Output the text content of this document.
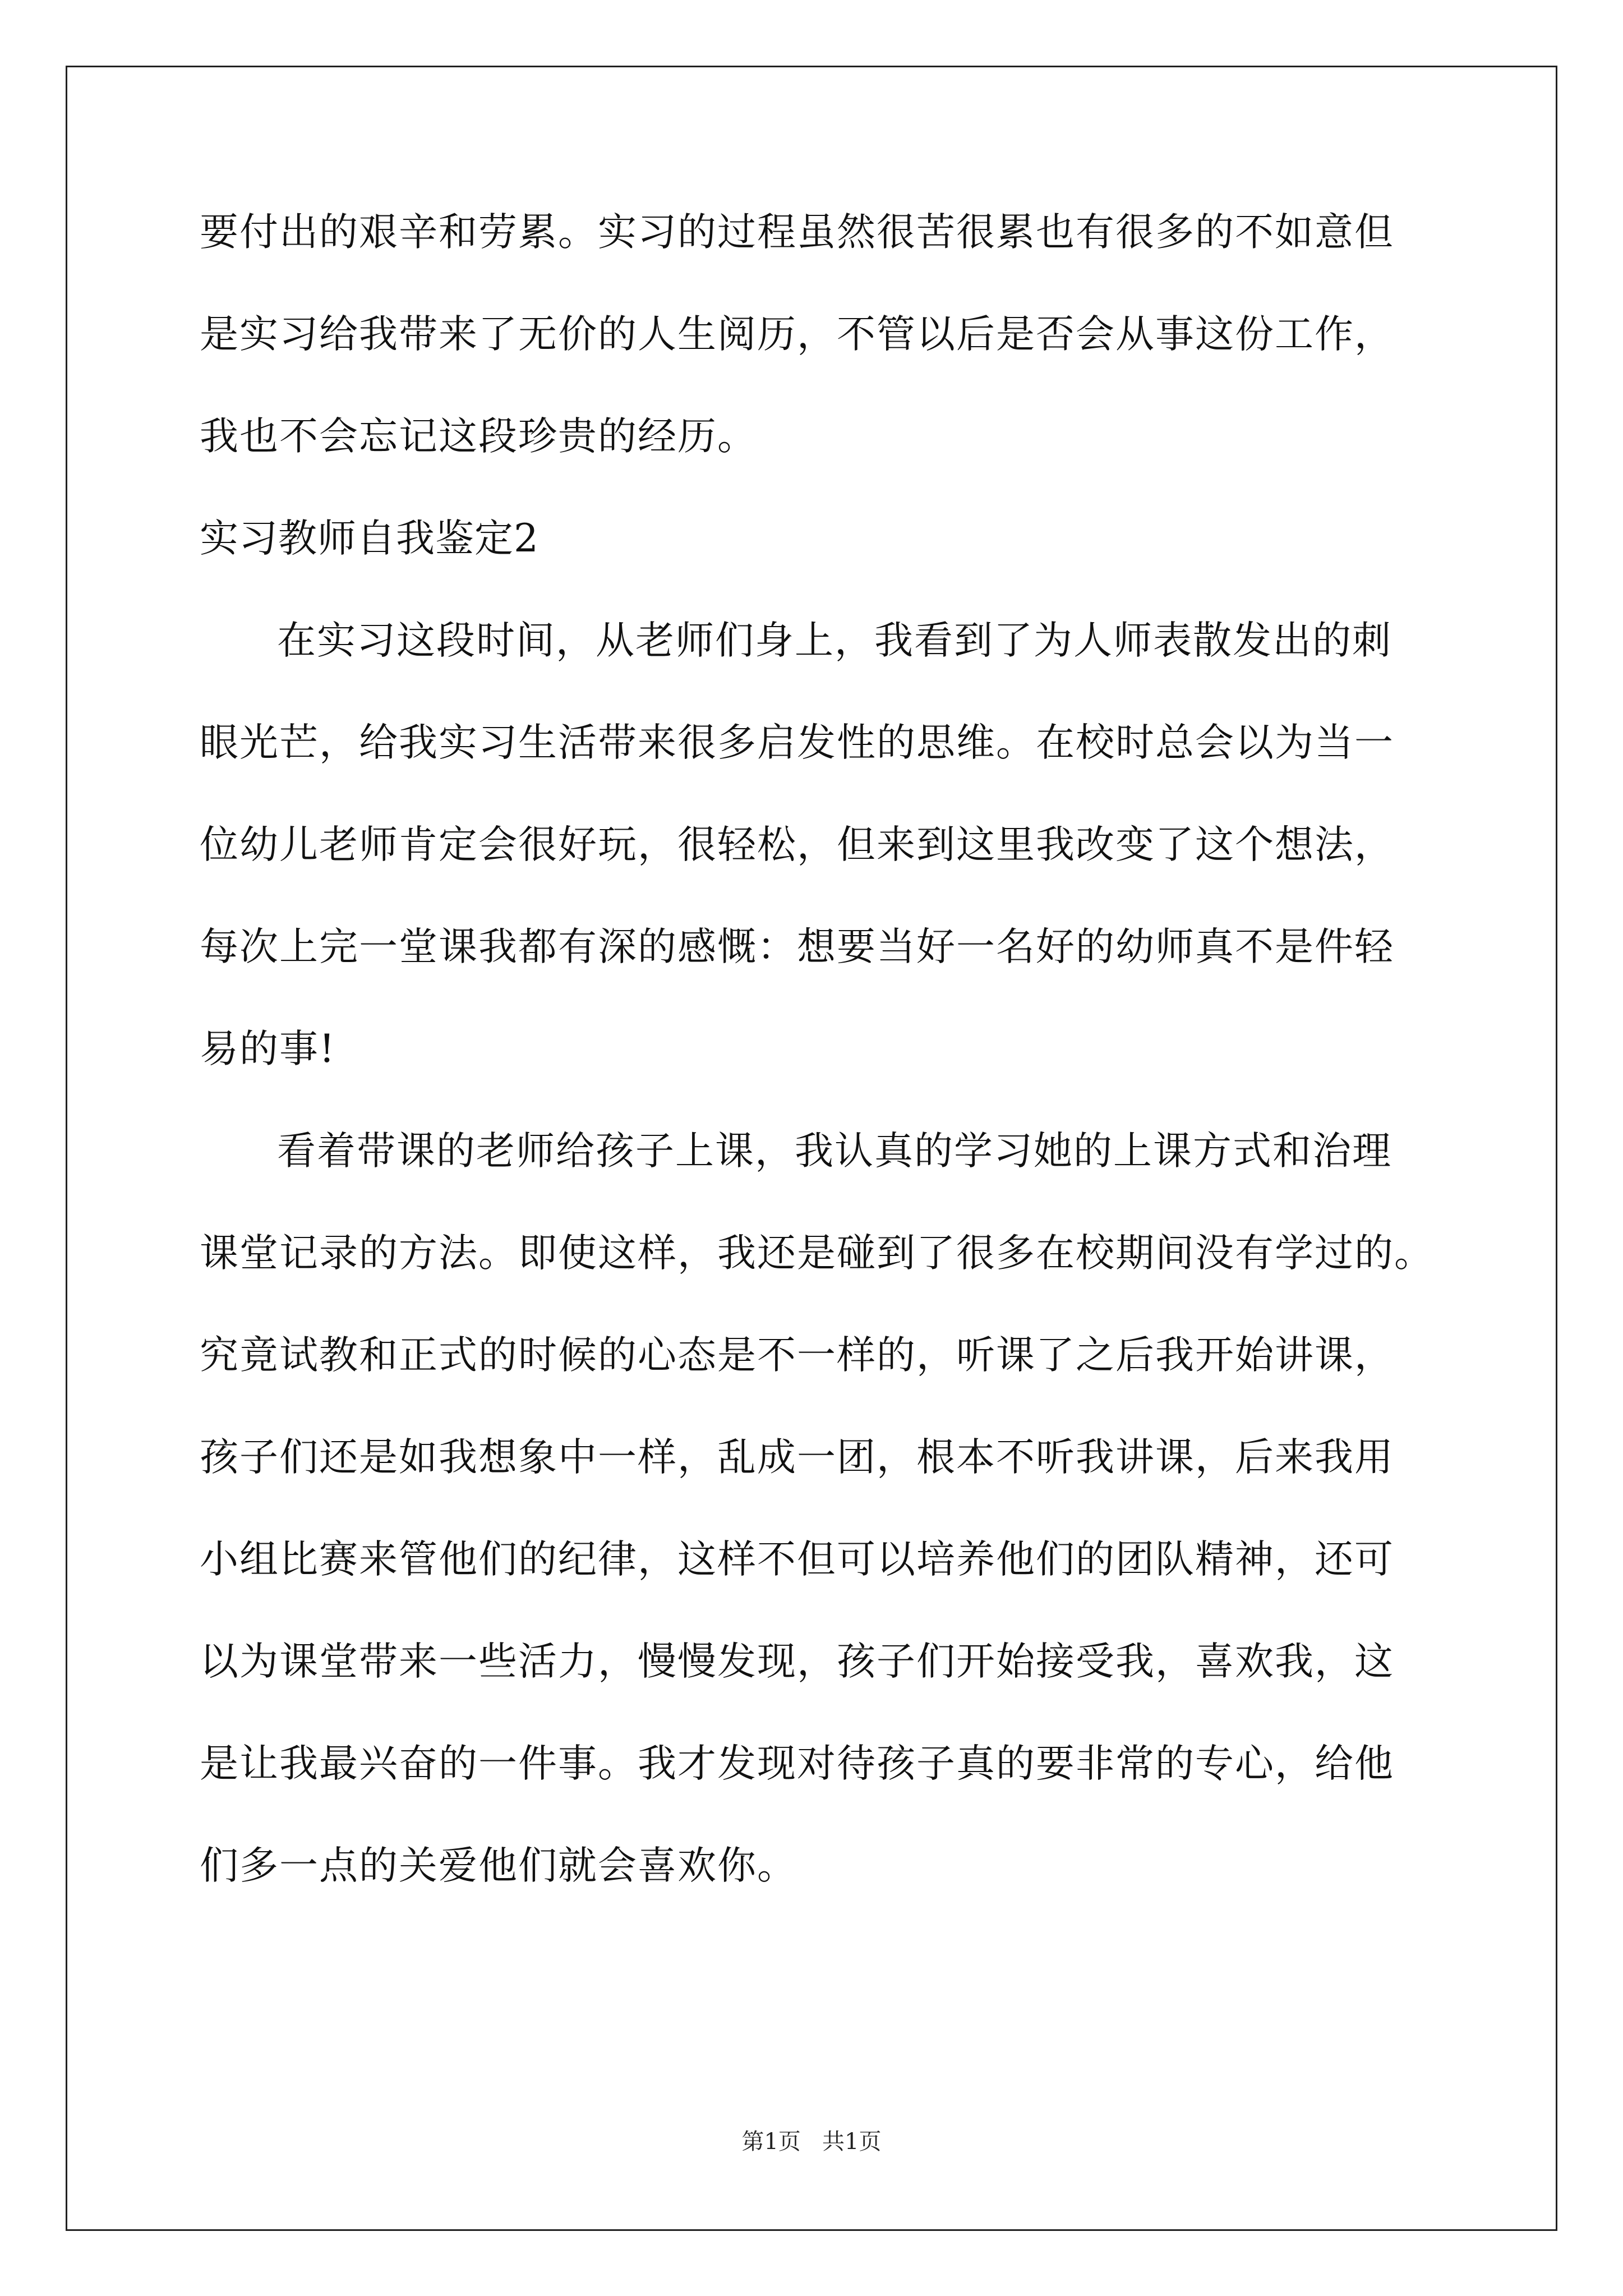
要付出的艰辛和劳累。实习的过程虽然很苦很累也有很多的不如意但
是实习给我带来了无价的人生阅历，不管以后是否会从事这份工作，
我也不会忘记这段珍贵的经历。
实习教师自我鉴定2
在实习这段时间，从老师们身上，我看到了为人师表散发出的刺
眼光芒，给我实习生活带来很多启发性的思维。在校时总会以为当一
位幼儿老师肯定会很好玩，很轻松，但来到这里我改变了这个想法，
每次上完一堂课我都有深的感慨：想要当好一名好的幼师真不是件轻
易的事!
看着带课的老师给孩子上课，我认真的学习她的上课方式和治理
课堂记录的方法。即使这样，我还是碰到了很多在校期间没有学过的。
究竟试教和正式的时候的心态是不一样的，听课了之后我开始讲课，
孩子们还是如我想象中一样，乱成一团，根本不听我讲课，后来我用
小组比赛来管他们的纪律，这样不但可以培养他们的团队精神，还可
以为课堂带来一些活力，慢慢发现，孩子们开始接受我，喜欢我，这
是让我最兴奋的一件事。我才发现对待孩子真的要非常的专心，给他
们多一点的关爱他们就会喜欢你。
第1页   共1页
